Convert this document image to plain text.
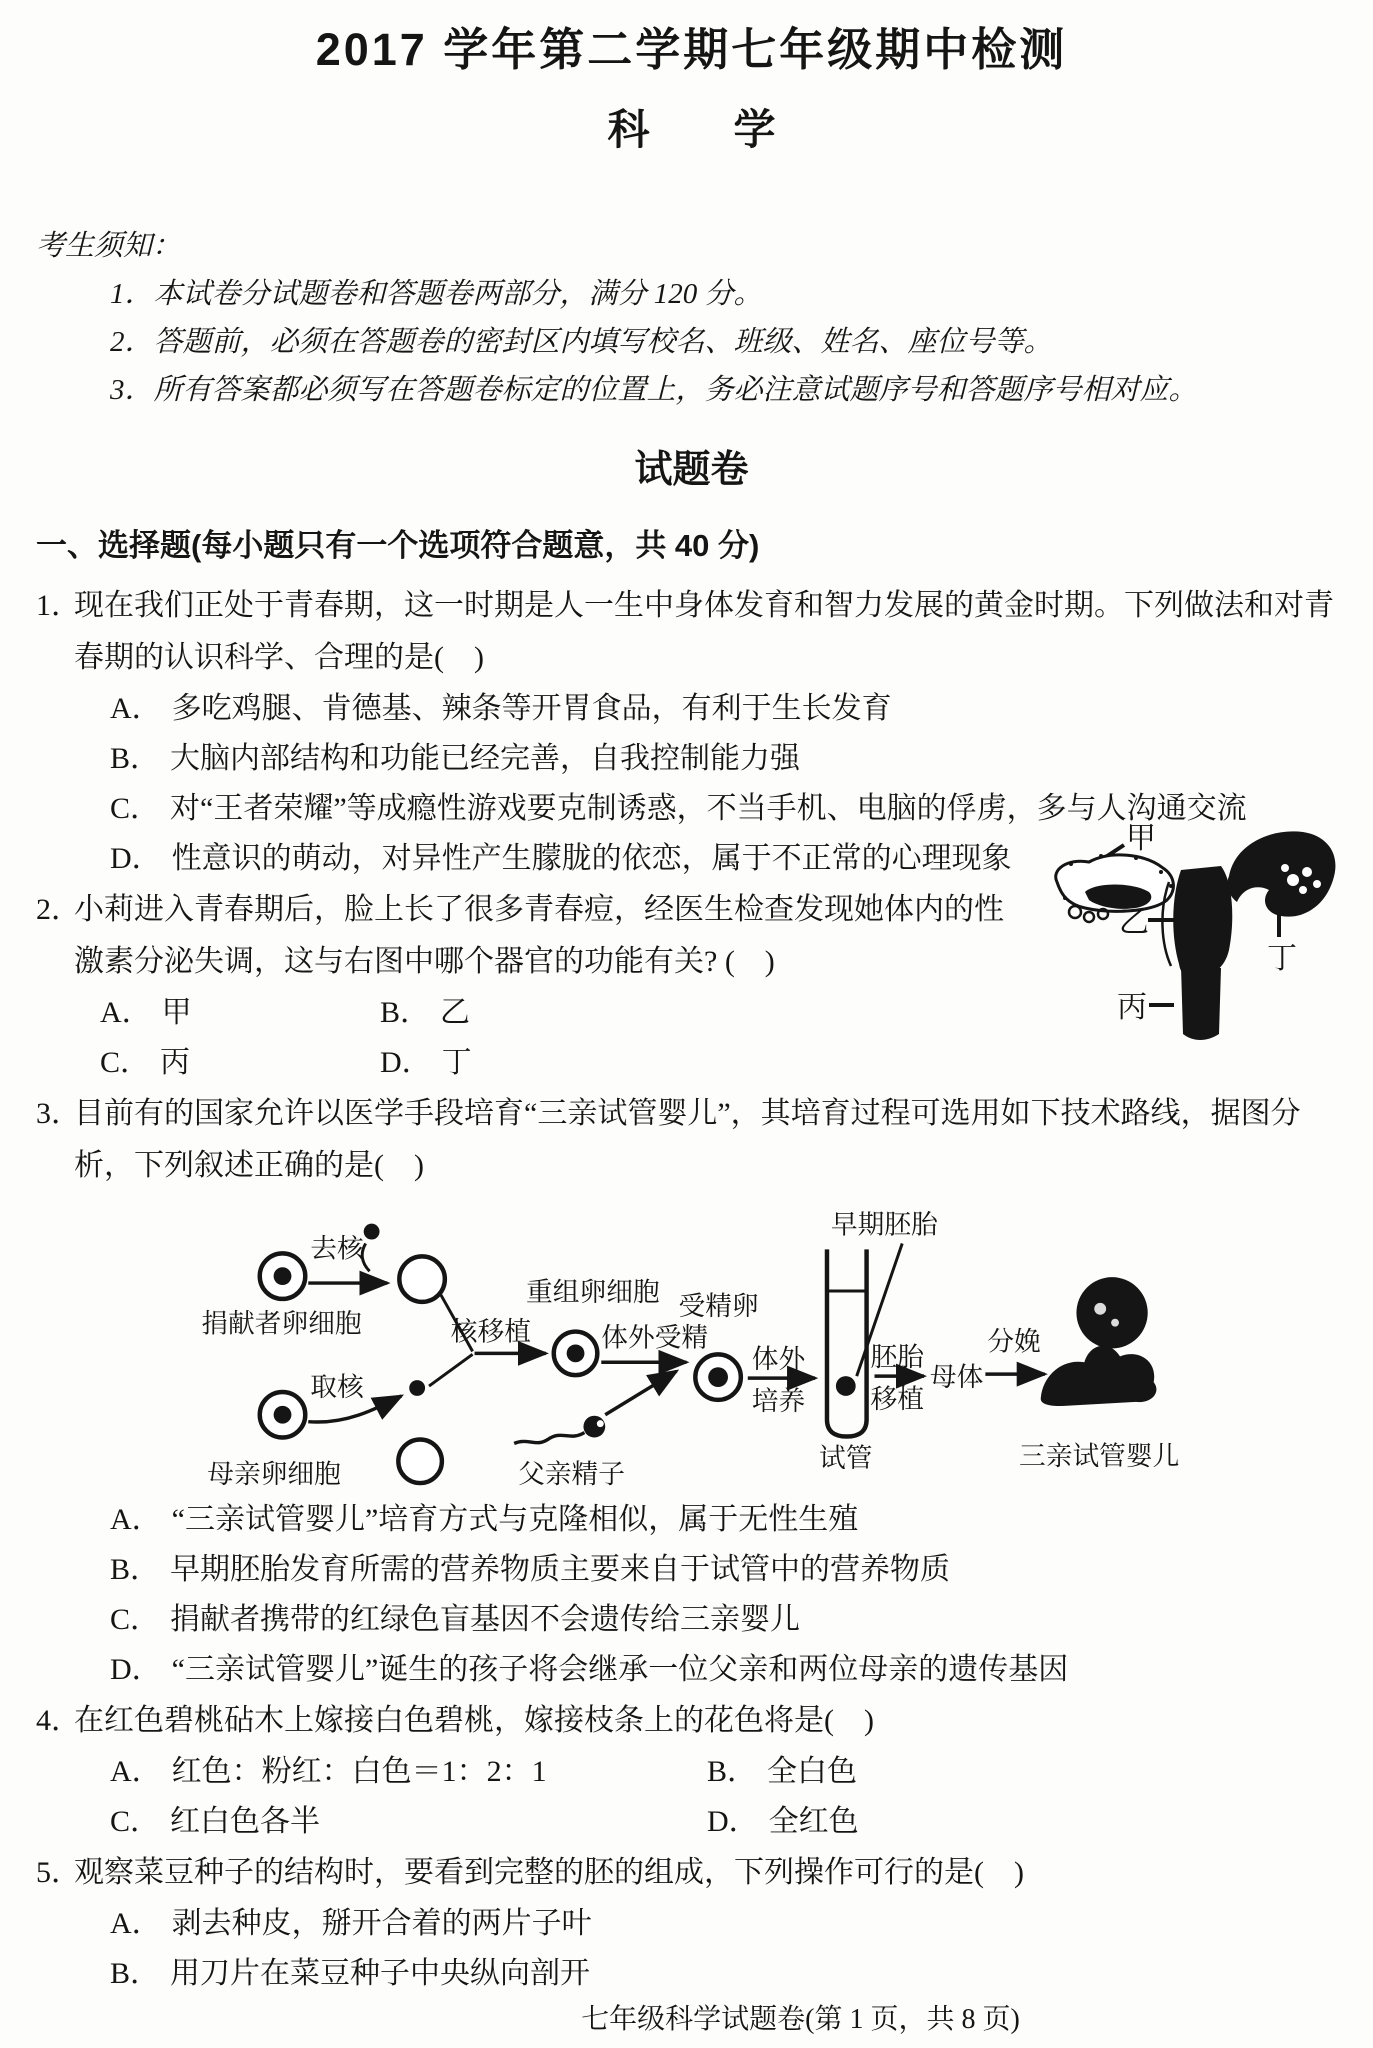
2017 学年第二学期七年级期中检测
科　　学
考生须知：
1．本试卷分试题卷和答题卷两部分，满分 120 分。
2．答题前，必须在答题卷的密封区内填写校名、班级、姓名、座位号等。
3．所有答案都必须写在答题卷标定的位置上，务必注意试题序号和答题序号相对应。
试题卷
一、选择题(每小题只有一个选项符合题意，共 40 分)
1．
现在我们正处于青春期，这一时期是人一生中身体发育和智力发展的黄金时期。下列做法和对青春期的认识科学、合理的是(　)
A． 多吃鸡腿、肯德基、辣条等开胃食品，有利于生长发育
B． 大脑内部结构和功能已经完善，自我控制能力强
C． 对“王者荣耀”等成瘾性游戏要克制诱惑，不当手机、电脑的俘虏，多与人沟通交流
D． 性意识的萌动，对异性产生朦胧的依恋，属于不正常的心理现象
2．
小莉进入青春期后，脸上长了很多青春痘，经医生检查发现她体内的性激素分泌失调，这与右图中哪个器官的功能有关? (　)
A． 甲	B． 乙
C． 丙	D． 丁
甲
乙
丙
丁
3．
目前有的国家允许以医学手段培育“三亲试管婴儿”，其培育过程可选用如下技术路线，据图分析，下列叙述正确的是(　)
去核
捐献者卵细胞
取核
母亲卵细胞
核移植
重组卵细胞
体外受精
受精卵
父亲精子
体外
培养
早期胚胎
试管
胚胎
移植
母体
分娩
三亲试管婴儿
A． “三亲试管婴儿”培育方式与克隆相似，属于无性生殖
B． 早期胚胎发育所需的营养物质主要来自于试管中的营养物质
C． 捐献者携带的红绿色盲基因不会遗传给三亲婴儿
D． “三亲试管婴儿”诞生的孩子将会继承一位父亲和两位母亲的遗传基因
4．
在红色碧桃砧木上嫁接白色碧桃，嫁接枝条上的花色将是(　)
A． 红色：粉红：白色＝1：2：1	B． 全白色
C． 红白色各半	D． 全红色
5．
观察菜豆种子的结构时，要看到完整的胚的组成，下列操作可行的是(　)
A． 剥去种皮，掰开合着的两片子叶
B． 用刀片在菜豆种子中央纵向剖开
七年级科学试题卷(第 1 页，共 8 页)
